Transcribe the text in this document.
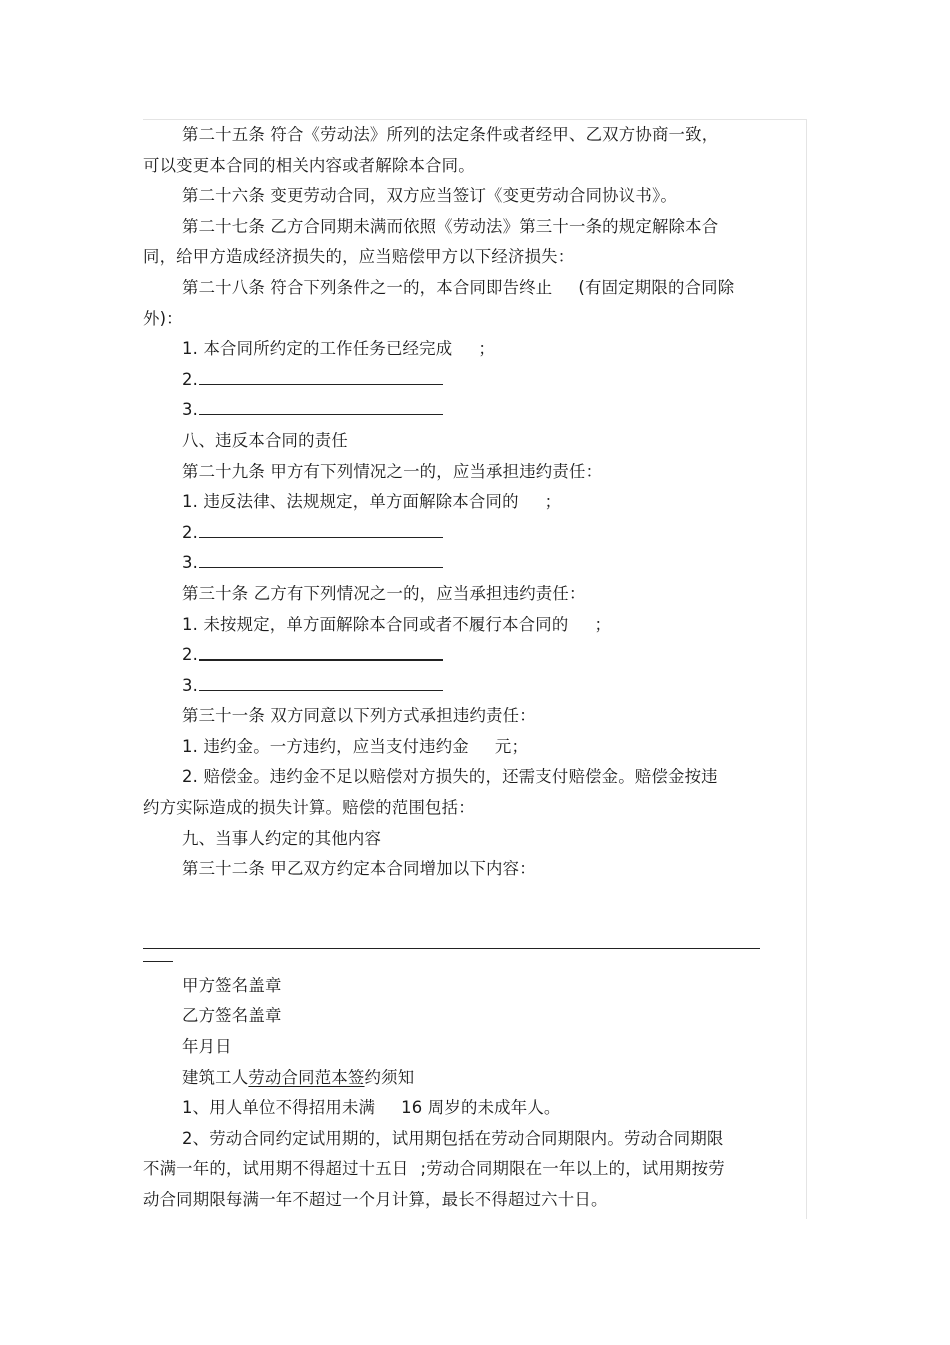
第二十五条 符合《劳动法》所列的法定条件或者经甲、乙双方协商一致，
可以变更本合同的相关内容或者解除本合同。
第二十六条 变更劳动合同，双方应当签订《变更劳动合同协议书》。
第二十七条 乙方合同期未满而依照《劳动法》第三十一条的规定解除本合
同，给甲方造成经济损失的，应当赔偿甲方以下经济损失：
第二十八条 符合下列条件之一的，本合同即告终止 (有固定期限的合同除
外)：
1. 本合同所约定的工作任务已经完成 ；
2.
3.
八、违反本合同的责任
第二十九条 甲方有下列情况之一的，应当承担违约责任：
1. 违反法律、法规规定，单方面解除本合同的 ；
2.
3.
第三十条 乙方有下列情况之一的，应当承担违约责任：
1. 未按规定，单方面解除本合同或者不履行本合同的 ；
2.
3.
第三十一条 双方同意以下列方式承担违约责任：
1. 违约金。一方违约，应当支付违约金 元；
2. 赔偿金。违约金不足以赔偿对方损失的，还需支付赔偿金。赔偿金按违
约方实际造成的损失计算。赔偿的范围包括：
九、当事人约定的其他内容
第三十二条 甲乙双方约定本合同增加以下内容：
甲方签名盖章
乙方签名盖章
年月日
建筑工人劳动合同范本签约须知
1、用人单位不得招用未满 16 周岁的未成年人。
2、劳动合同约定试用期的，试用期包括在劳动合同期限内。劳动合同期限
不满一年的，试用期不得超过十五日 ;劳动合同期限在一年以上的，试用期按劳
动合同期限每满一年不超过一个月计算，最长不得超过六十日。
